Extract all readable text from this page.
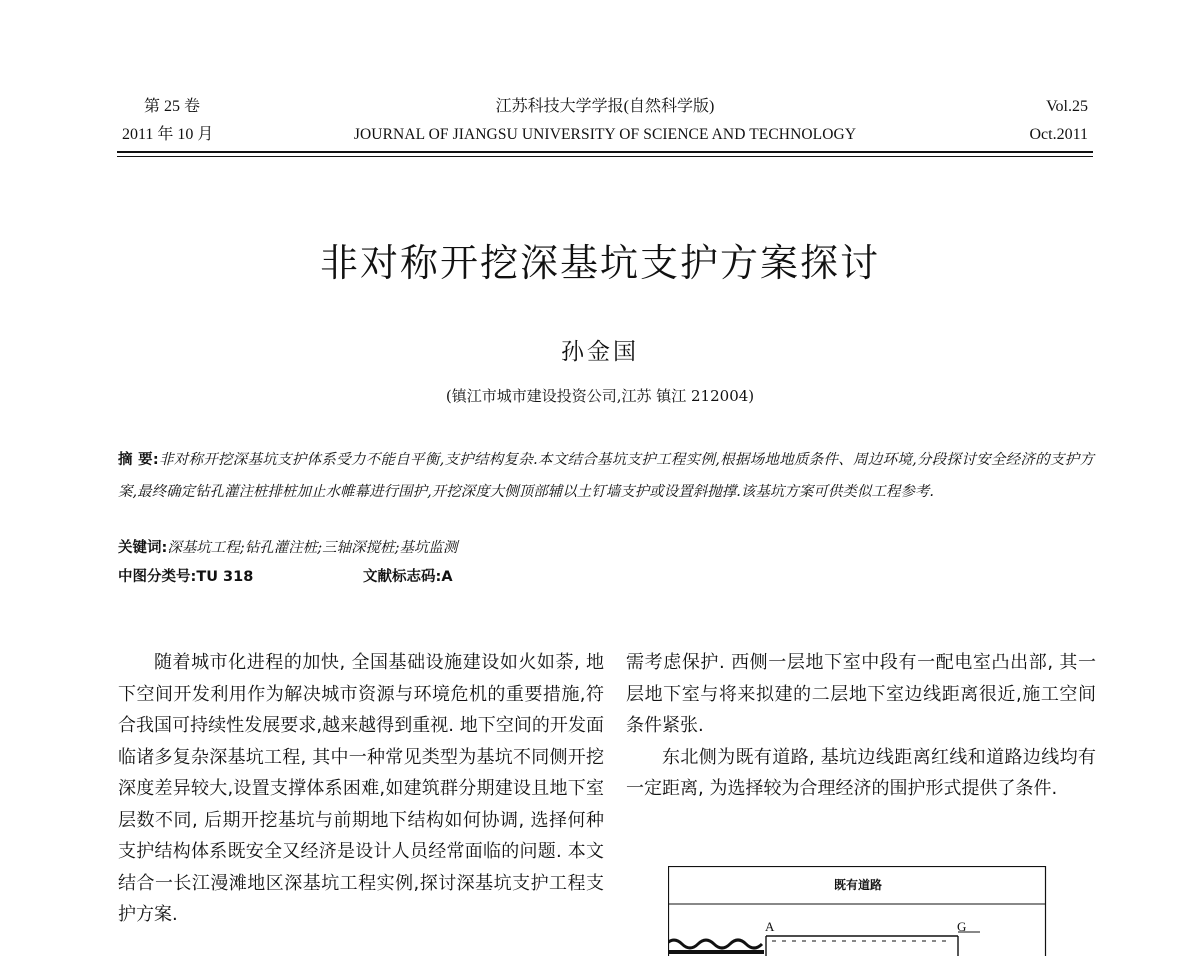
第 25 卷
2011 年 10 月
江苏科技大学学报(自然科学版)
JOURNAL OF JIANGSU UNIVERSITY OF SCIENCE AND TECHNOLOGY
Vol.25
Oct.2011
非对称开挖深基坑支护方案探讨
孙金国
(镇江市城市建设投资公司,江苏 镇江 212004)
摘 要:非对称开挖深基坑支护体系受力不能自平衡,支护结构复杂.本文结合基坑支护工程实例,根据场地地质条件、周边环境,分段探讨安全经济的支护方案,最终确定钻孔灌注桩排桩加止水帷幕进行围护,开挖深度大侧顶部辅以土钉墙支护或设置斜抛撑.该基坑方案可供类似工程参考.
关键词:深基坑工程;钻孔灌注桩;三轴深搅桩;基坑监测
中图分类号:TU 318	文献标志码:A

随着城市化进程的加快, 全国基础设施建设如火如荼, 地下空间开发利用作为解决城市资源与环境危机的重要措施,符合我国可持续性发展要求,越来越得到重视. 地下空间的开发面临诸多复杂深基坑工程, 其中一种常见类型为基坑不同侧开挖深度差异较大,设置支撑体系困难,如建筑群分期建设且地下室层数不同, 后期开挖基坑与前期地下结构如何协调, 选择何种支护结构体系既安全又经济是设计人员经常面临的问题. 本文结合一长江漫滩地区深基坑工程实例,探讨深基坑支护工程支护方案.

需考虑保护. 西侧一层地下室中段有一配电室凸出部, 其一层地下室与将来拟建的二层地下室边线距离很近,施工空间条件紧张.

东北侧为既有道路, 基坑边线距离红线和道路边线均有一定距离, 为选择较为合理经济的围护形式提供了条件.

既有道路
A	G
